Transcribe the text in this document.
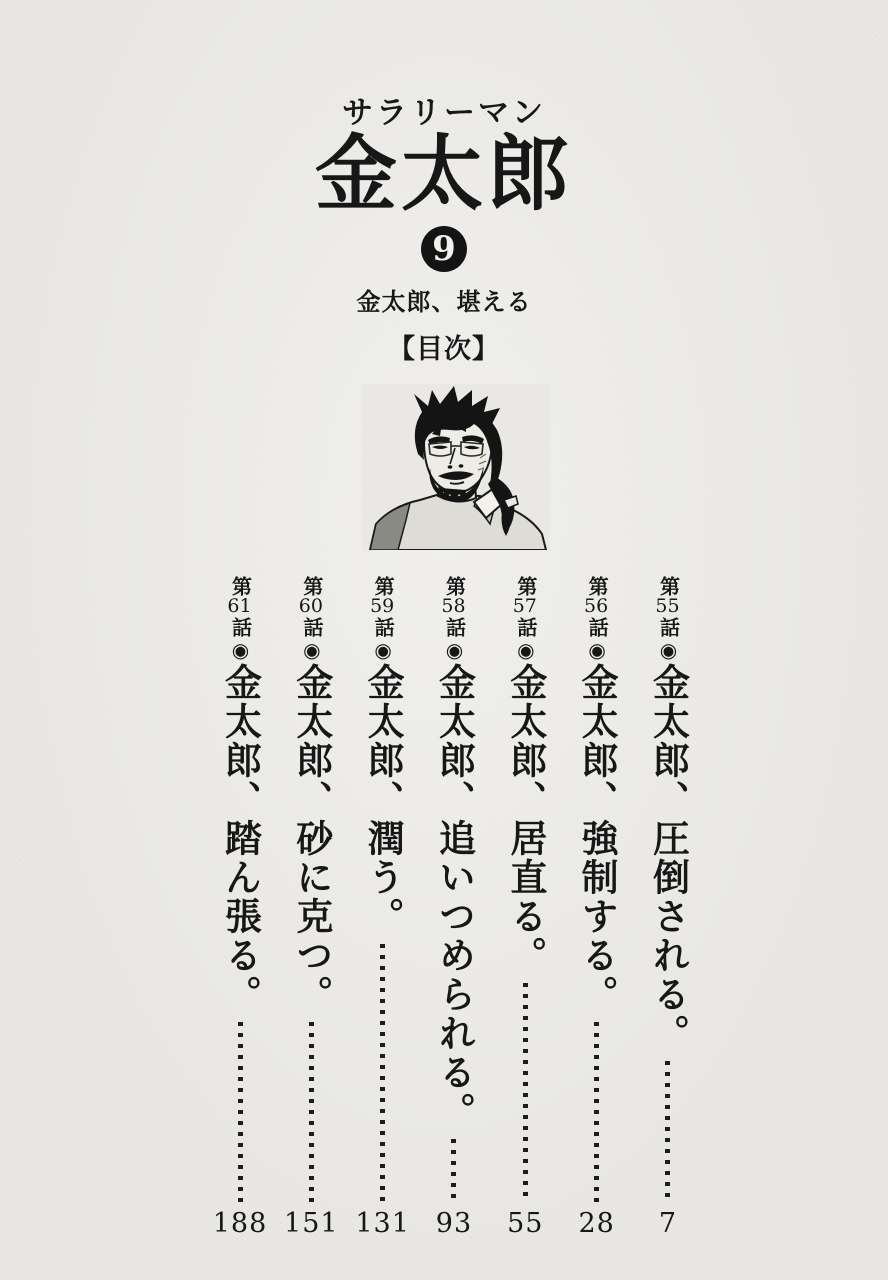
サラリーマン
金太郎
9
金太郎、堪える
【目次】
第55話◉金太郎、圧倒される。
7
第56話◉金太郎、強制する。
28
第57話◉金太郎、居直る。
55
第58話◉金太郎、追いつめられる。
93
第59話◉金太郎、潤う。
131
第60話◉金太郎、砂に克つ。
151
第61話◉金太郎、踏ん張る。
188
